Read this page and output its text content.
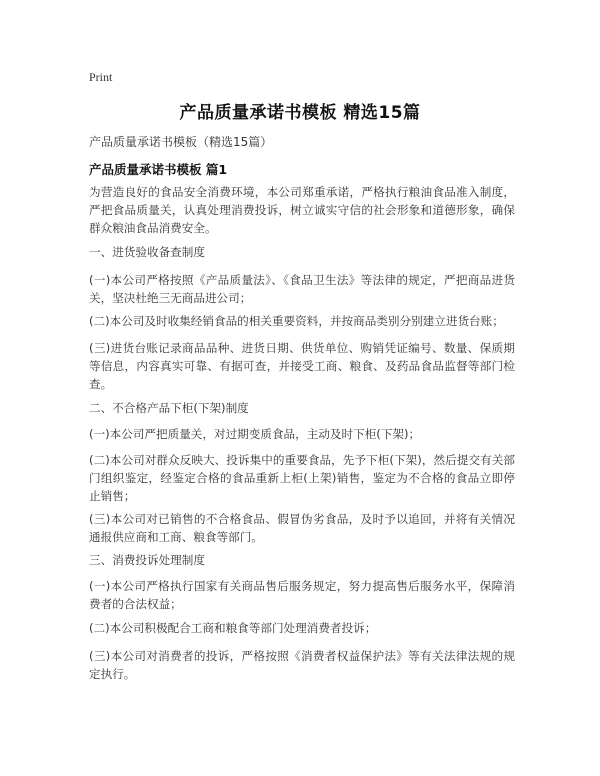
Print
产品质量承诺书模板 精选15篇
产品质量承诺书模板（精选15篇）
产品质量承诺书模板 篇1

为营造良好的食品安全消费环境，本公司郑重承诺，严格执行粮油食品准入制度，严把食品质量关，认真处理消费投诉，树立诚实守信的社会形象和道德形象，确保群众粮油食品消费安全。

一、进货验收备查制度

(一)本公司严格按照《产品质量法》、《食品卫生法》等法律的规定，严把商品进货关，坚决杜绝三无商品进公司；

(二)本公司及时收集经销食品的相关重要资料，并按商品类别分别建立进货台账；

(三)进货台账记录商品品种、进货日期、供货单位、购销凭证编号、数量、保质期等信息，内容真实可靠、有据可查，并接受工商、粮食、及药品食品监督等部门检查。

二、不合格产品下柜(下架)制度

(一)本公司严把质量关，对过期变质食品，主动及时下柜(下架)；

(二)本公司对群众反映大、投诉集中的重要食品，先予下柜(下架)，然后提交有关部门组织鉴定，经鉴定合格的食品重新上柜(上架)销售，鉴定为不合格的食品立即停止销售；

(三)本公司对已销售的不合格食品、假冒伪劣食品，及时予以追回，并将有关情况通报供应商和工商、粮食等部门。

三、消费投诉处理制度

(一)本公司严格执行国家有关商品售后服务规定，努力提高售后服务水平，保障消费者的合法权益；

(二)本公司积极配合工商和粮食等部门处理消费者投诉；

(三)本公司对消费者的投诉，严格按照《消费者权益保护法》等有关法律法规的规定执行。
